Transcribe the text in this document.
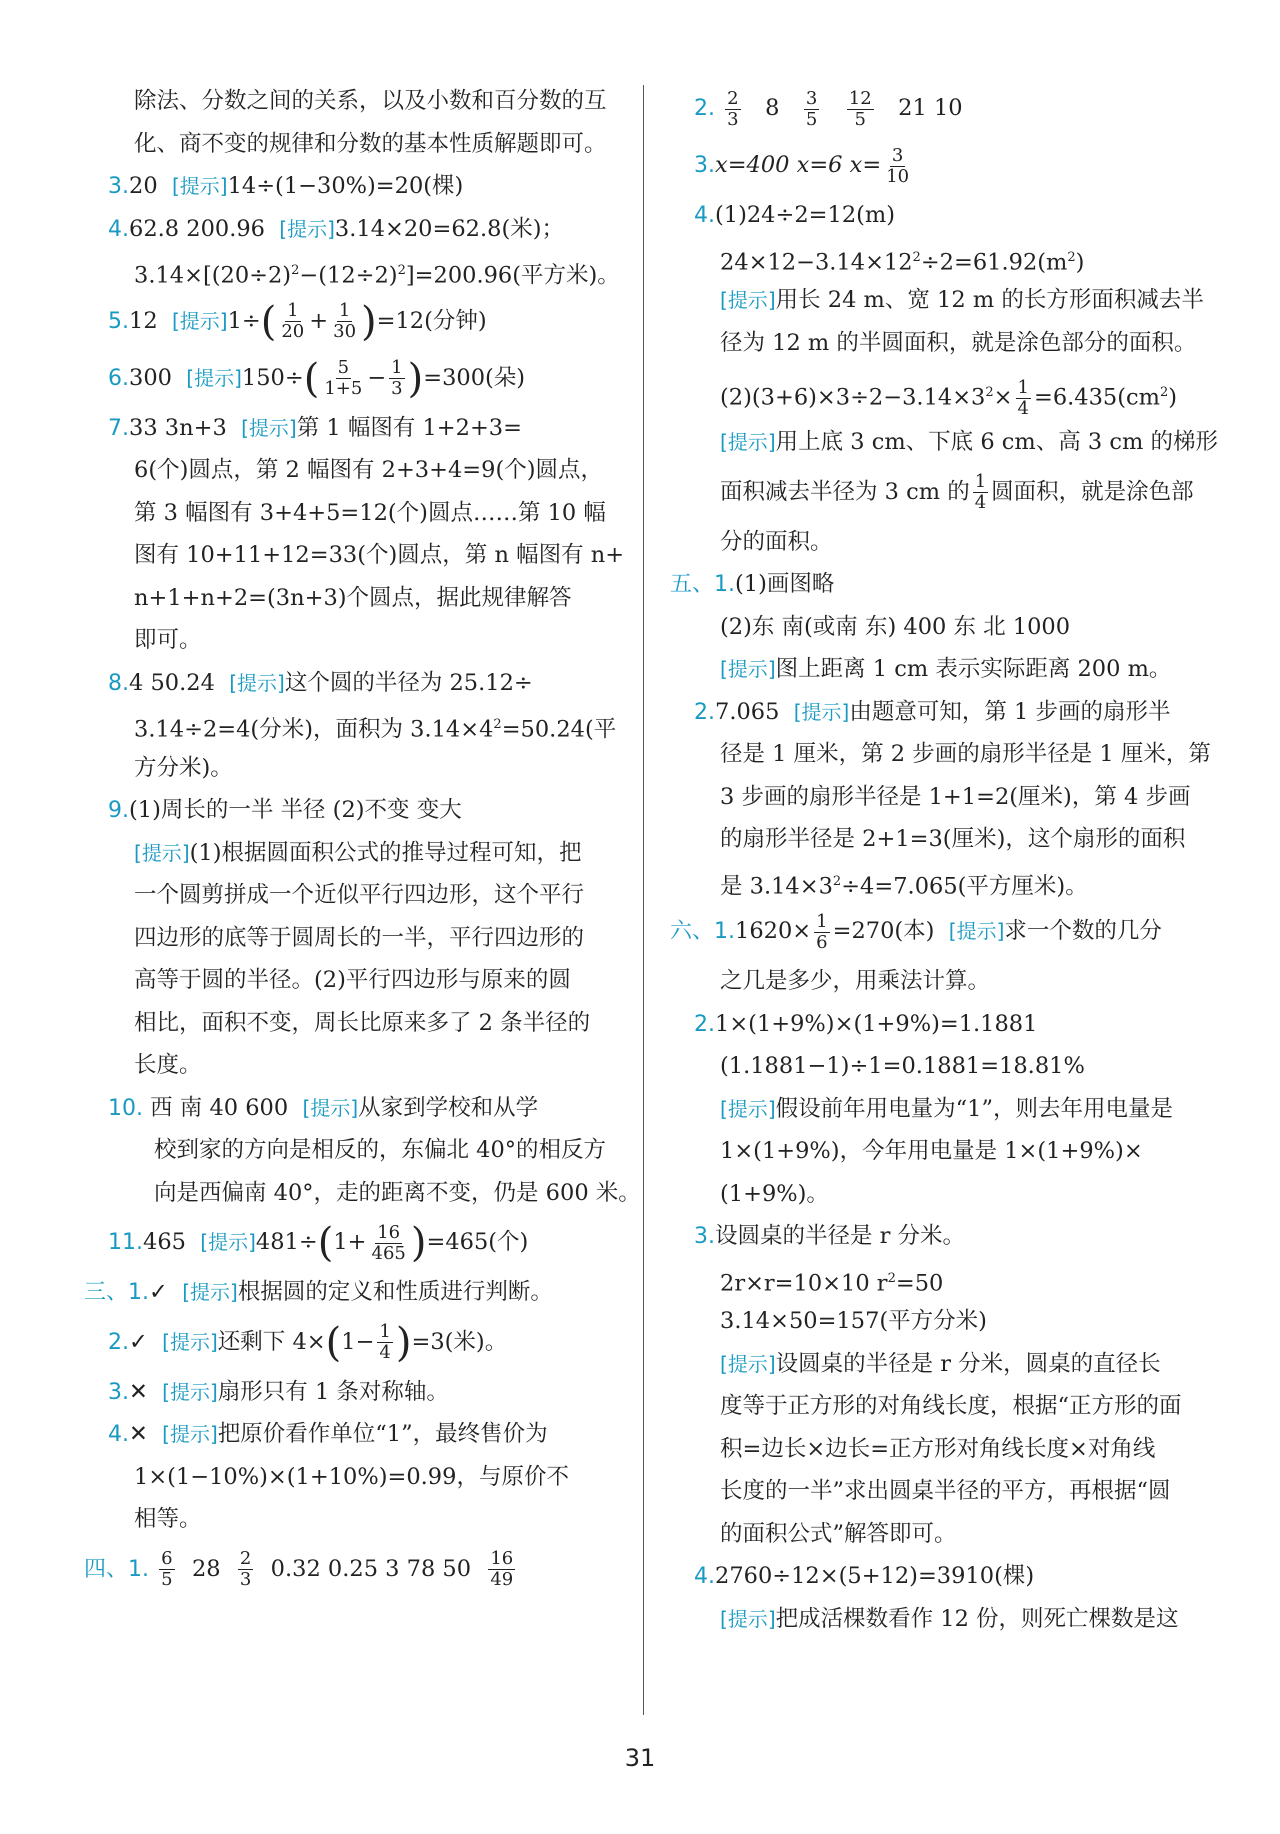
除法、分数之间的关系，以及小数和百分数的互
化、商不变的规律和分数的基本性质解题即可。
3.20 [提示]14÷(1−30%)=20(棵)
4.62.8 200.96 [提示]3.14×20=62.8(米)；
$3.14\times[(20\div 2)^2-(12\div 2)^2]=200.96$(平方米)。
5.12 [提示]$1\div( \frac{1}{20} + \frac{1}{30} )=12$(分钟)
6.300 [提示]$150\div( \frac{5}{1+5} - \frac{1}{3} )=300$(朵)
7.33 3n+3 [提示]第 1 幅图有 1+2+3=
6(个)圆点，第 2 幅图有 2+3+4=9(个)圆点，
第 3 幅图有 3+4+5=12(个)圆点……第 10 幅
图有 10+11+12=33(个)圆点，第 n 幅图有 n+
n+1+n+2=(3n+3)个圆点，据此规律解答
即可。
8.4 50.24 [提示]这个圆的半径为 25.12÷
3.14÷2=4(分米)，面积为 $3.14\times 4^2=50.24$(平
方分米)。
9.(1)周长的一半 半径 (2)不变 变大
[提示](1)根据圆面积公式的推导过程可知，把
一个圆剪拼成一个近似平行四边形，这个平行
四边形的底等于圆周长的一半，平行四边形的
高等于圆的半径。(2)平行四边形与原来的圆
相比，面积不变，周长比原来多了 2 条半径的
长度。
10. 西 南 40 600 [提示]从家到学校和从学
校到家的方向是相反的，东偏北 40°的相反方
向是西偏南 40°，走的距离不变，仍是 600 米。
11.465 [提示]$481\div(1+ \frac{16}{465} )=465$(个)
三、1.✓ [提示]根据圆的定义和性质进行判断。
2.✓ [提示]还剩下 $4\times(1- \frac{1}{4} )=3$(米)。
3.✕ [提示]扇形只有 1 条对称轴。
4.✕ [提示]把原价看作单位“1”，最终售价为
1×(1−10%)×(1+10%)=0.99，与原价不
相等。
四、1. $\frac{6}{5} 28 \frac{2}{3} 0.32$ 0.25 3 78 $50 \frac{16}{49}$
2. $\frac{2}{3} 8 \frac{3}{5}$
$\frac{12}{5} 21$ 10
3.x=400 x=6 $x= \frac{3}{10}$
4.(1)24÷2=12(m)
$24\times 12-3.14\times 12^2\div 2=61.92(m^2)$
[提示]用长 24 m、宽 12 m 的长方形面积减去半
径为 12 m 的半圆面积，就是涂色部分的面积。
$(2)(3+6)\times 3\div 2-3.14\times 3^2\times \frac{1}{4} =6.435(cm^2)$
[提示]用上底 3 cm、下底 6 cm、高 3 cm 的梯形
面积减去半径为 3 cm 的 $\frac{1}{4}$ 圆面积，就是涂色部
分的面积。
五、1.(1)画图略
(2)东 南(或南 东) 400 东 北 1000
[提示]图上距离 1 cm 表示实际距离 200 m。
2.7.065 [提示]由题意可知，第 1 步画的扇形半
径是 1 厘米，第 2 步画的扇形半径是 1 厘米，第
3 步画的扇形半径是 1+1=2(厘米)，第 4 步画
的扇形半径是 2+1=3(厘米)，这个扇形的面积
是 $3.14\times 3^2\div 4=7.065$(平方厘米)。
六、$1.1620\times \frac{1}{6} =270$(本) [提示]求一个数的几分
之几是多少，用乘法计算。
2.1×(1+9%)×(1+9%)=1.1881
(1.1881−1)÷1=0.1881=18.81%
[提示]假设前年用电量为“1”，则去年用电量是
1×(1+9%)，今年用电量是 1×(1+9%)×
(1+9%)。
3.设圆桌的半径是 r 分米。
2r×r=10×10 $r^2=50$
3.14×50=157(平方分米)
[提示]设圆桌的半径是 r 分米，圆桌的直径长
度等于正方形的对角线长度，根据“正方形的面
积=边长×边长=正方形对角线长度×对角线
长度的一半”求出圆桌半径的平方，再根据“圆
的面积公式”解答即可。
4.2760÷12×(5+12)=3910(棵)
[提示]把成活棵数看作 12 份，则死亡棵数是这
31
